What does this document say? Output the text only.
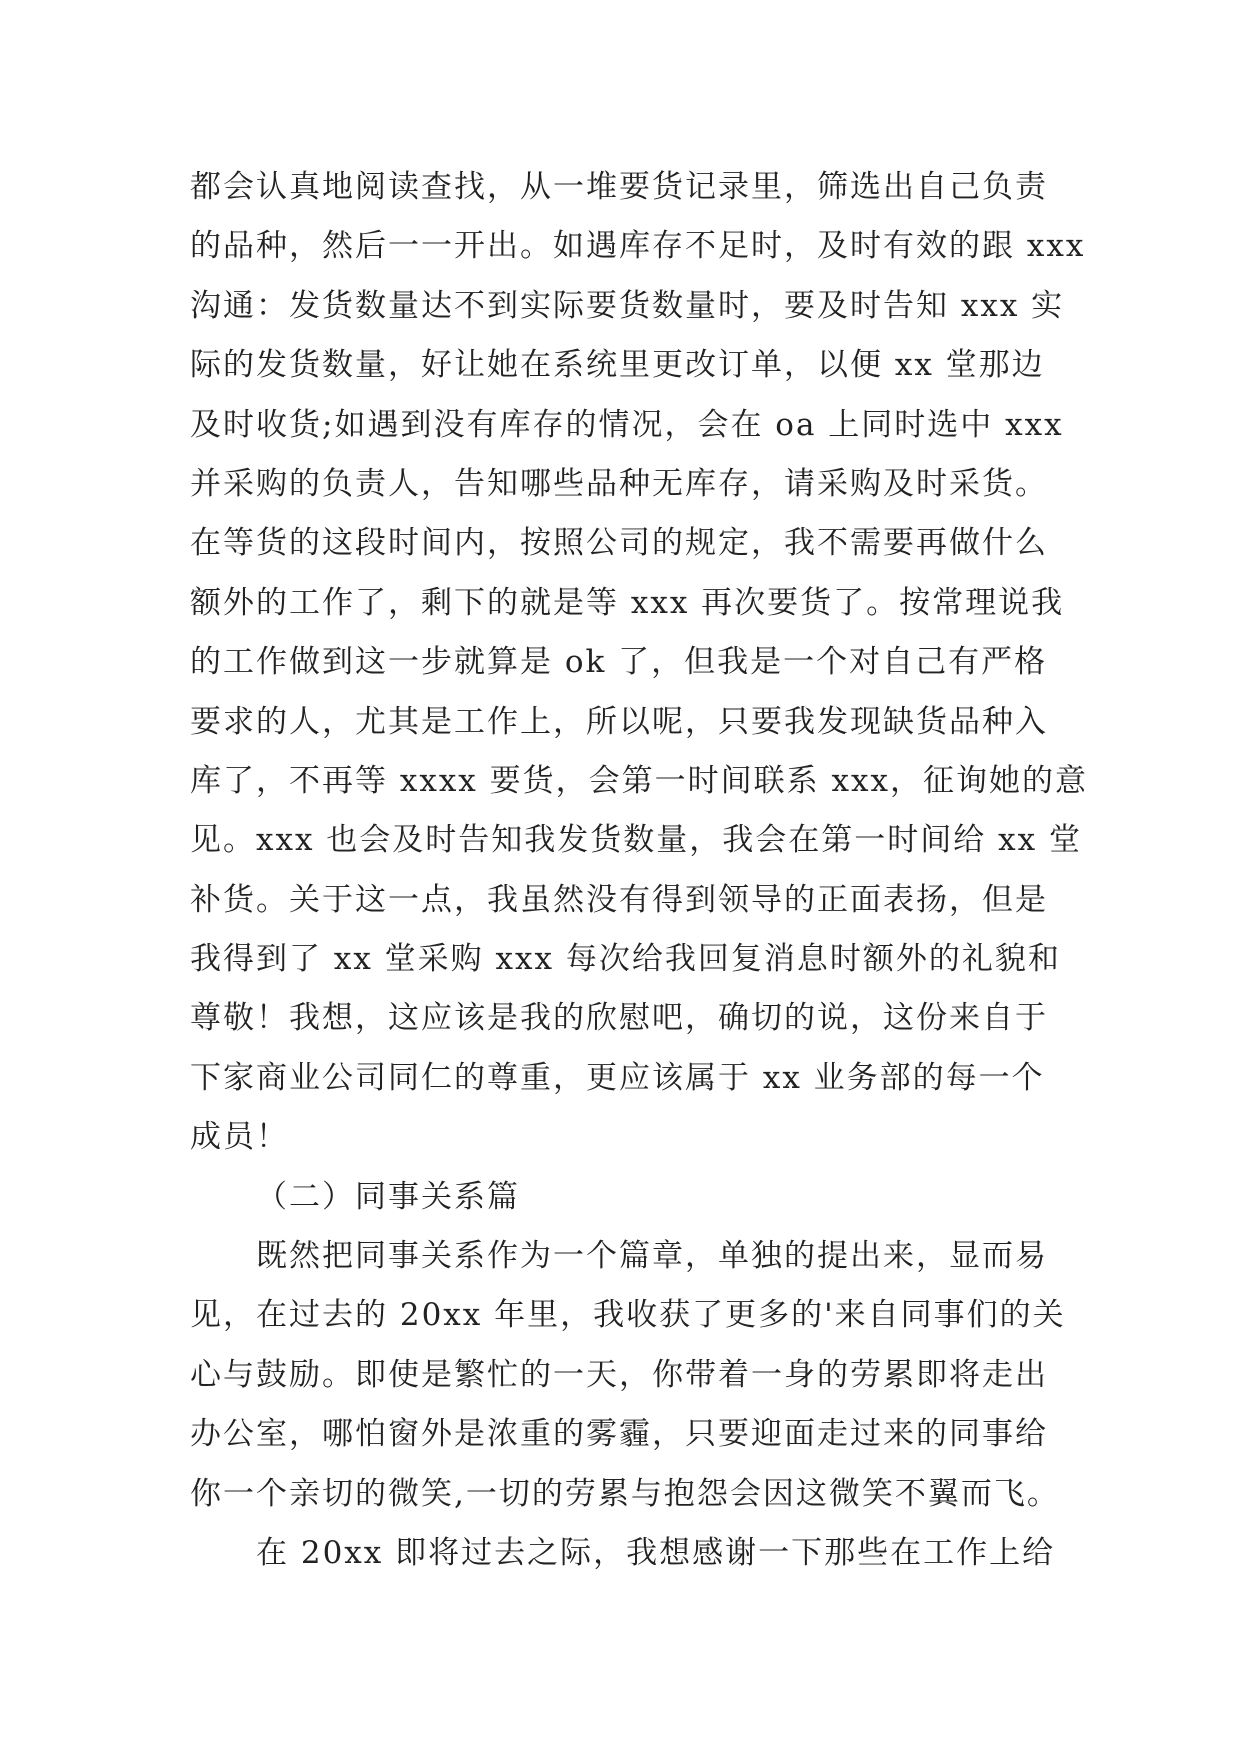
都会认真地阅读查找，从一堆要货记录里，筛选出自己负责
的品种，然后一一开出。如遇库存不足时，及时有效的跟 xxx
沟通：发货数量达不到实际要货数量时，要及时告知 xxx 实
际的发货数量，好让她在系统里更改订单，以便 xx 堂那边
及时收货;如遇到没有库存的情况，会在 oa 上同时选中 xxx
并采购的负责人，告知哪些品种无库存，请采购及时采货。
在等货的这段时间内，按照公司的规定，我不需要再做什么
额外的工作了，剩下的就是等 xxx 再次要货了。按常理说我
的工作做到这一步就算是 ok 了，但我是一个对自己有严格
要求的人，尤其是工作上，所以呢，只要我发现缺货品种入
库了，不再等 xxxx 要货，会第一时间联系 xxx，征询她的意
见。xxx 也会及时告知我发货数量，我会在第一时间给 xx 堂
补货。关于这一点，我虽然没有得到领导的正面表扬，但是
我得到了 xx 堂采购 xxx 每次给我回复消息时额外的礼貌和
尊敬！我想，这应该是我的欣慰吧，确切的说，这份来自于
下家商业公司同仁的尊重，更应该属于 xx 业务部的每一个
成员！
（二）同事关系篇
既然把同事关系作为一个篇章，单独的提出来，显而易
见，在过去的 20xx 年里，我收获了更多的'来自同事们的关
心与鼓励。即使是繁忙的一天，你带着一身的劳累即将走出
办公室，哪怕窗外是浓重的雾霾，只要迎面走过来的同事给
你一个亲切的微笑,一切的劳累与抱怨会因这微笑不翼而飞。
在 20xx 即将过去之际，我想感谢一下那些在工作上给
